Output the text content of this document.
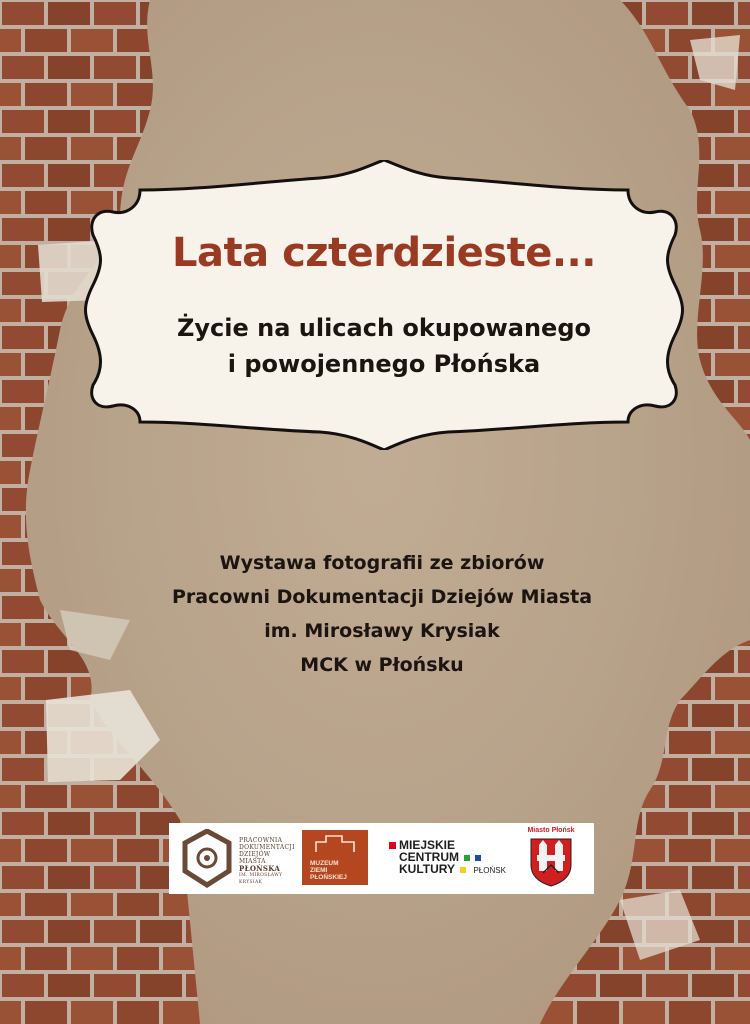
Lata czterdzieste...
Życie na ulicach okupowanego
i powojennego Płońska
Wystawa fotografii ze zbiorów
Pracowni Dokumentacji Dziejów Miasta
im. Mirosławy Krysiak
MCK w Płońsku
PRACOWNIA
DOKUMENTACJI
DZIEJÓW MIASTA
PŁOŃSKA
IM. MIROSŁAWY KRYSIAK
MUZEUM
ZIEMI
PŁOŃSKIEJ
MIEJSKIE
CENTRUM
KULTURY PŁOŃSK
Miasto Płońsk
